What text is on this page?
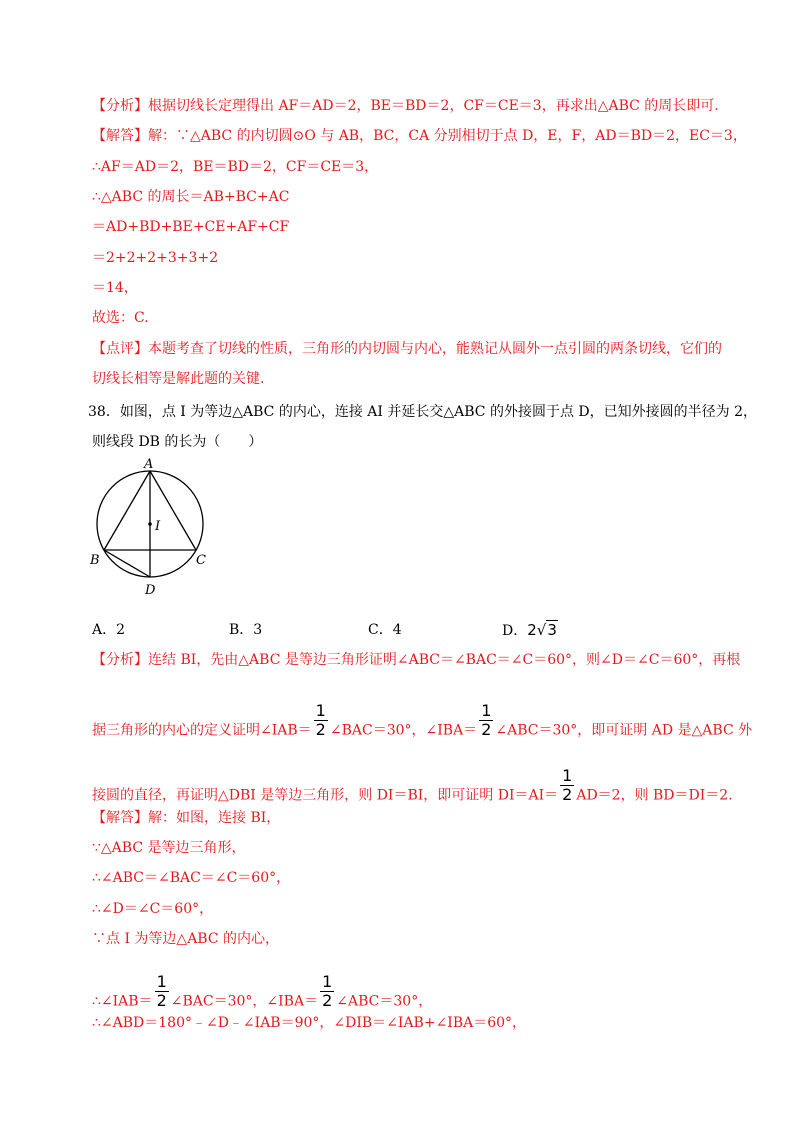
【分析】根据切线长定理得出 AF＝AD＝2，BE＝BD＝2，CF＝CE＝3，再求出△ABC 的周长即可.
【解答】解：∵△ABC 的内切圆⊙O 与 AB，BC，CA 分别相切于点 D，E，F，AD＝BD＝2，EC＝3，
∴AF＝AD＝2，BE＝BD＝2，CF＝CE＝3，
∴△ABC 的周长＝AB+BC+AC
＝AD+BD+BE+CE+AF+CF
＝2+2+2+3+3+2
＝14，
故选：C.
【点评】本题考查了切线的性质，三角形的内切圆与内心，能熟记从圆外一点引圆的两条切线，它们的
切线长相等是解此题的关键.
38．如图，点 I 为等边△ABC 的内心，连接 AI 并延长交△ABC 的外接圆于点 D，已知外接圆的半径为 2，
则线段 DB 的长为（　　）
A
B	C
D
I
A．2	B．3	C．4	D．2√3
【分析】连结 BI，先由△ABC 是等边三角形证明∠ABC＝∠BAC＝∠C＝60°，则∠D＝∠C＝60°，再根
据三角形的内心的定义证明∠IAB＝ $\frac{1}{2}$ ∠BAC＝30°，∠IBA＝ $\frac{1}{2}$ ∠ABC＝30°，即可证明 AD 是△ABC 外
接圆的直径，再证明△DBI 是等边三角形，则 DI＝BI，即可证明 $DI=AI= \frac{1}{2} AD=2$，则 BD＝DI＝2.
【解答】解：如图，连接 BI，
∵△ABC 是等边三角形，
∴∠ABC＝∠BAC＝∠C＝60°，
∴∠D＝∠C＝60°，
∵点 I 为等边△ABC 的内心，
∴∠IAB＝ $\frac{1}{2}$ ∠BAC＝30°，∠IBA＝ $\frac{1}{2}$ ∠ABC＝30°，
∴∠ABD＝180°﹣∠D﹣∠IAB＝90°，∠DIB＝∠IAB+∠IBA＝60°，
